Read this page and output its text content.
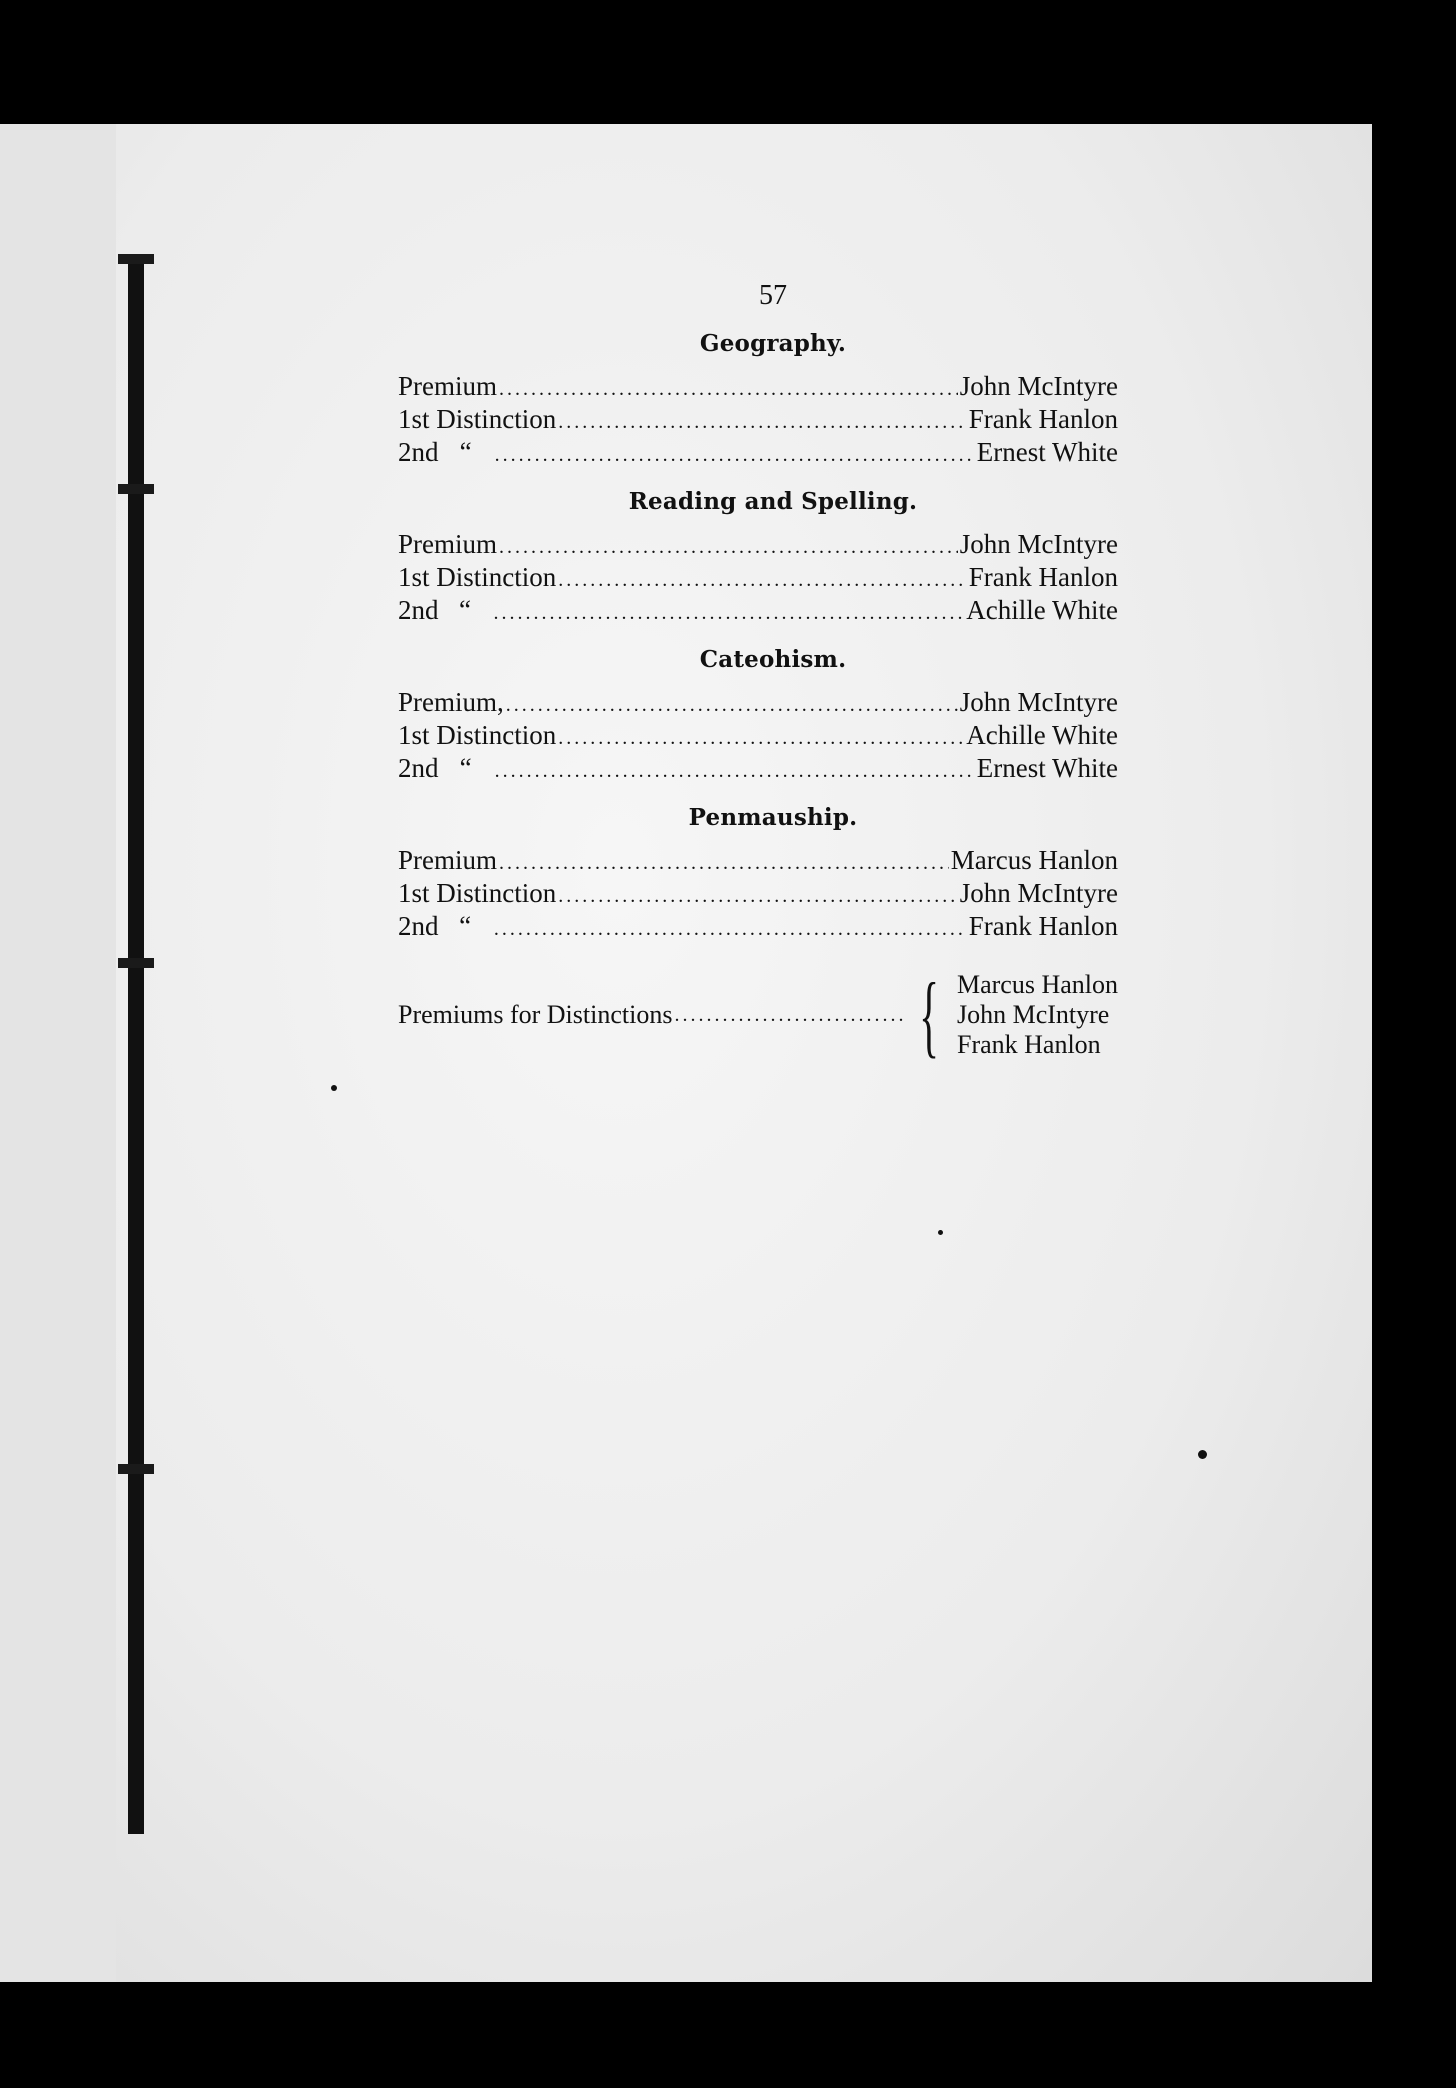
57
Geography.
Premium .....	John McIntyre
1st Distinction .....	Frank Hanlon
2nd “ .....	Ernest White
Reading and Spelling.
Premium .....	John McIntyre
1st Distinction .....	Frank Hanlon
2nd “ .....	Achille White
Cateohism.
Premium, .....	John McIntyre
1st Distinction .....	Achille White
2nd “ .....	Ernest White
Penmauship.
Premium .....	Marcus Hanlon
1st Distinction .....	John McIntyre
2nd “ .....	Frank Hanlon
Premiums for Distinctions .....	{ Marcus Hanlon
John McIntyre
Frank Hanlon
